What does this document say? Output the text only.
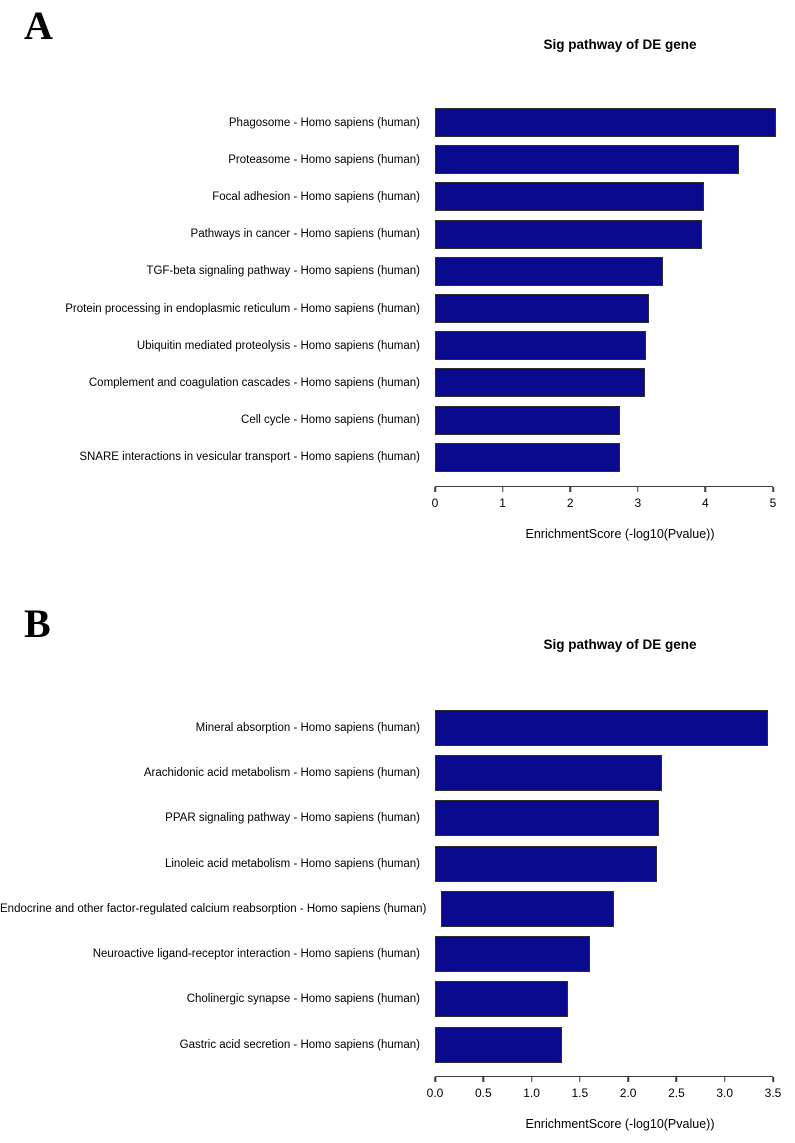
A	Sig pathway of DE gene
Phagosome - Homo sapiens (human)
Proteasome - Homo sapiens (human)
Focal adhesion - Homo sapiens (human)
Pathways in cancer - Homo sapiens (human)
TGF-beta signaling pathway - Homo sapiens (human)
Protein processing in endoplasmic reticulum - Homo sapiens (human)
Ubiquitin mediated proteolysis - Homo sapiens (human)
Complement and coagulation cascades - Homo sapiens (human)
Cell cycle - Homo sapiens (human)
SNARE interactions in vesicular transport - Homo sapiens (human)
0	1	2	3	4	5
EnrichmentScore (-log10(Pvalue))
B	Sig pathway of DE gene
Mineral absorption - Homo sapiens (human)
Arachidonic acid metabolism - Homo sapiens (human)
PPAR signaling pathway - Homo sapiens (human)
Linoleic acid metabolism - Homo sapiens (human)
Endocrine and other factor-regulated calcium reabsorption - Homo sapiens (human)
Neuroactive ligand-receptor interaction - Homo sapiens (human)
Cholinergic synapse - Homo sapiens (human)
Gastric acid secretion - Homo sapiens (human)
0.0	0.5	1.0	1.5	2.0	2.5	3.0	3.5
EnrichmentScore (-log10(Pvalue))
